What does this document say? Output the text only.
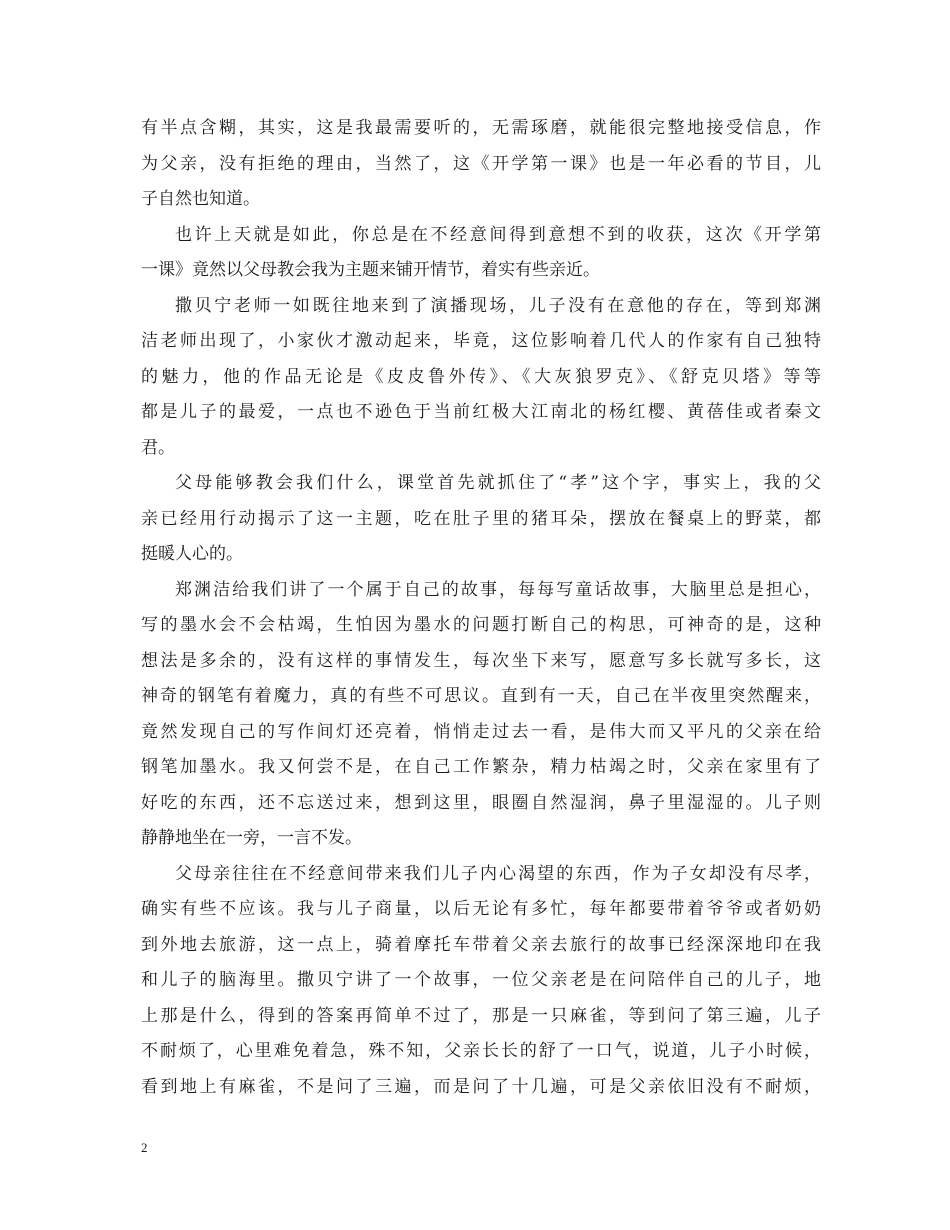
有半点含糊，其实，这是我最需要听的，无需琢磨，就能很完整地接受信息，作
为父亲，没有拒绝的理由，当然了，这《开学第一课》也是一年必看的节目，儿
子自然也知道。
也许上天就是如此，你总是在不经意间得到意想不到的收获，这次《开学第
一课》竟然以父母教会我为主题来铺开情节，着实有些亲近。
撒贝宁老师一如既往地来到了演播现场，儿子没有在意他的存在，等到郑渊
洁老师出现了，小家伙才激动起来，毕竟，这位影响着几代人的作家有自己独特
的魅力，他的作品无论是《皮皮鲁外传》、《大灰狼罗克》、《舒克贝塔》等等
都是儿子的最爱，一点也不逊色于当前红极大江南北的杨红樱、黄蓓佳或者秦文
君。
父母能够教会我们什么，课堂首先就抓住了“孝”这个字，事实上，我的父
亲已经用行动揭示了这一主题，吃在肚子里的猪耳朵，摆放在餐桌上的野菜，都
挺暖人心的。
郑渊洁给我们讲了一个属于自己的故事，每每写童话故事，大脑里总是担心，
写的墨水会不会枯竭，生怕因为墨水的问题打断自己的构思，可神奇的是，这种
想法是多余的，没有这样的事情发生，每次坐下来写，愿意写多长就写多长，这
神奇的钢笔有着魔力，真的有些不可思议。直到有一天，自己在半夜里突然醒来，
竟然发现自己的写作间灯还亮着，悄悄走过去一看，是伟大而又平凡的父亲在给
钢笔加墨水。我又何尝不是，在自己工作繁杂，精力枯竭之时，父亲在家里有了
好吃的东西，还不忘送过来，想到这里，眼圈自然湿润，鼻子里湿湿的。儿子则
静静地坐在一旁，一言不发。
父母亲往往在不经意间带来我们儿子内心渴望的东西，作为子女却没有尽孝，
确实有些不应该。我与儿子商量，以后无论有多忙，每年都要带着爷爷或者奶奶
到外地去旅游，这一点上，骑着摩托车带着父亲去旅行的故事已经深深地印在我
和儿子的脑海里。撒贝宁讲了一个故事，一位父亲老是在问陪伴自己的儿子，地
上那是什么，得到的答案再简单不过了，那是一只麻雀，等到问了第三遍，儿子
不耐烦了，心里难免着急，殊不知，父亲长长的舒了一口气，说道，儿子小时候，
看到地上有麻雀，不是问了三遍，而是问了十几遍，可是父亲依旧没有不耐烦，
2
